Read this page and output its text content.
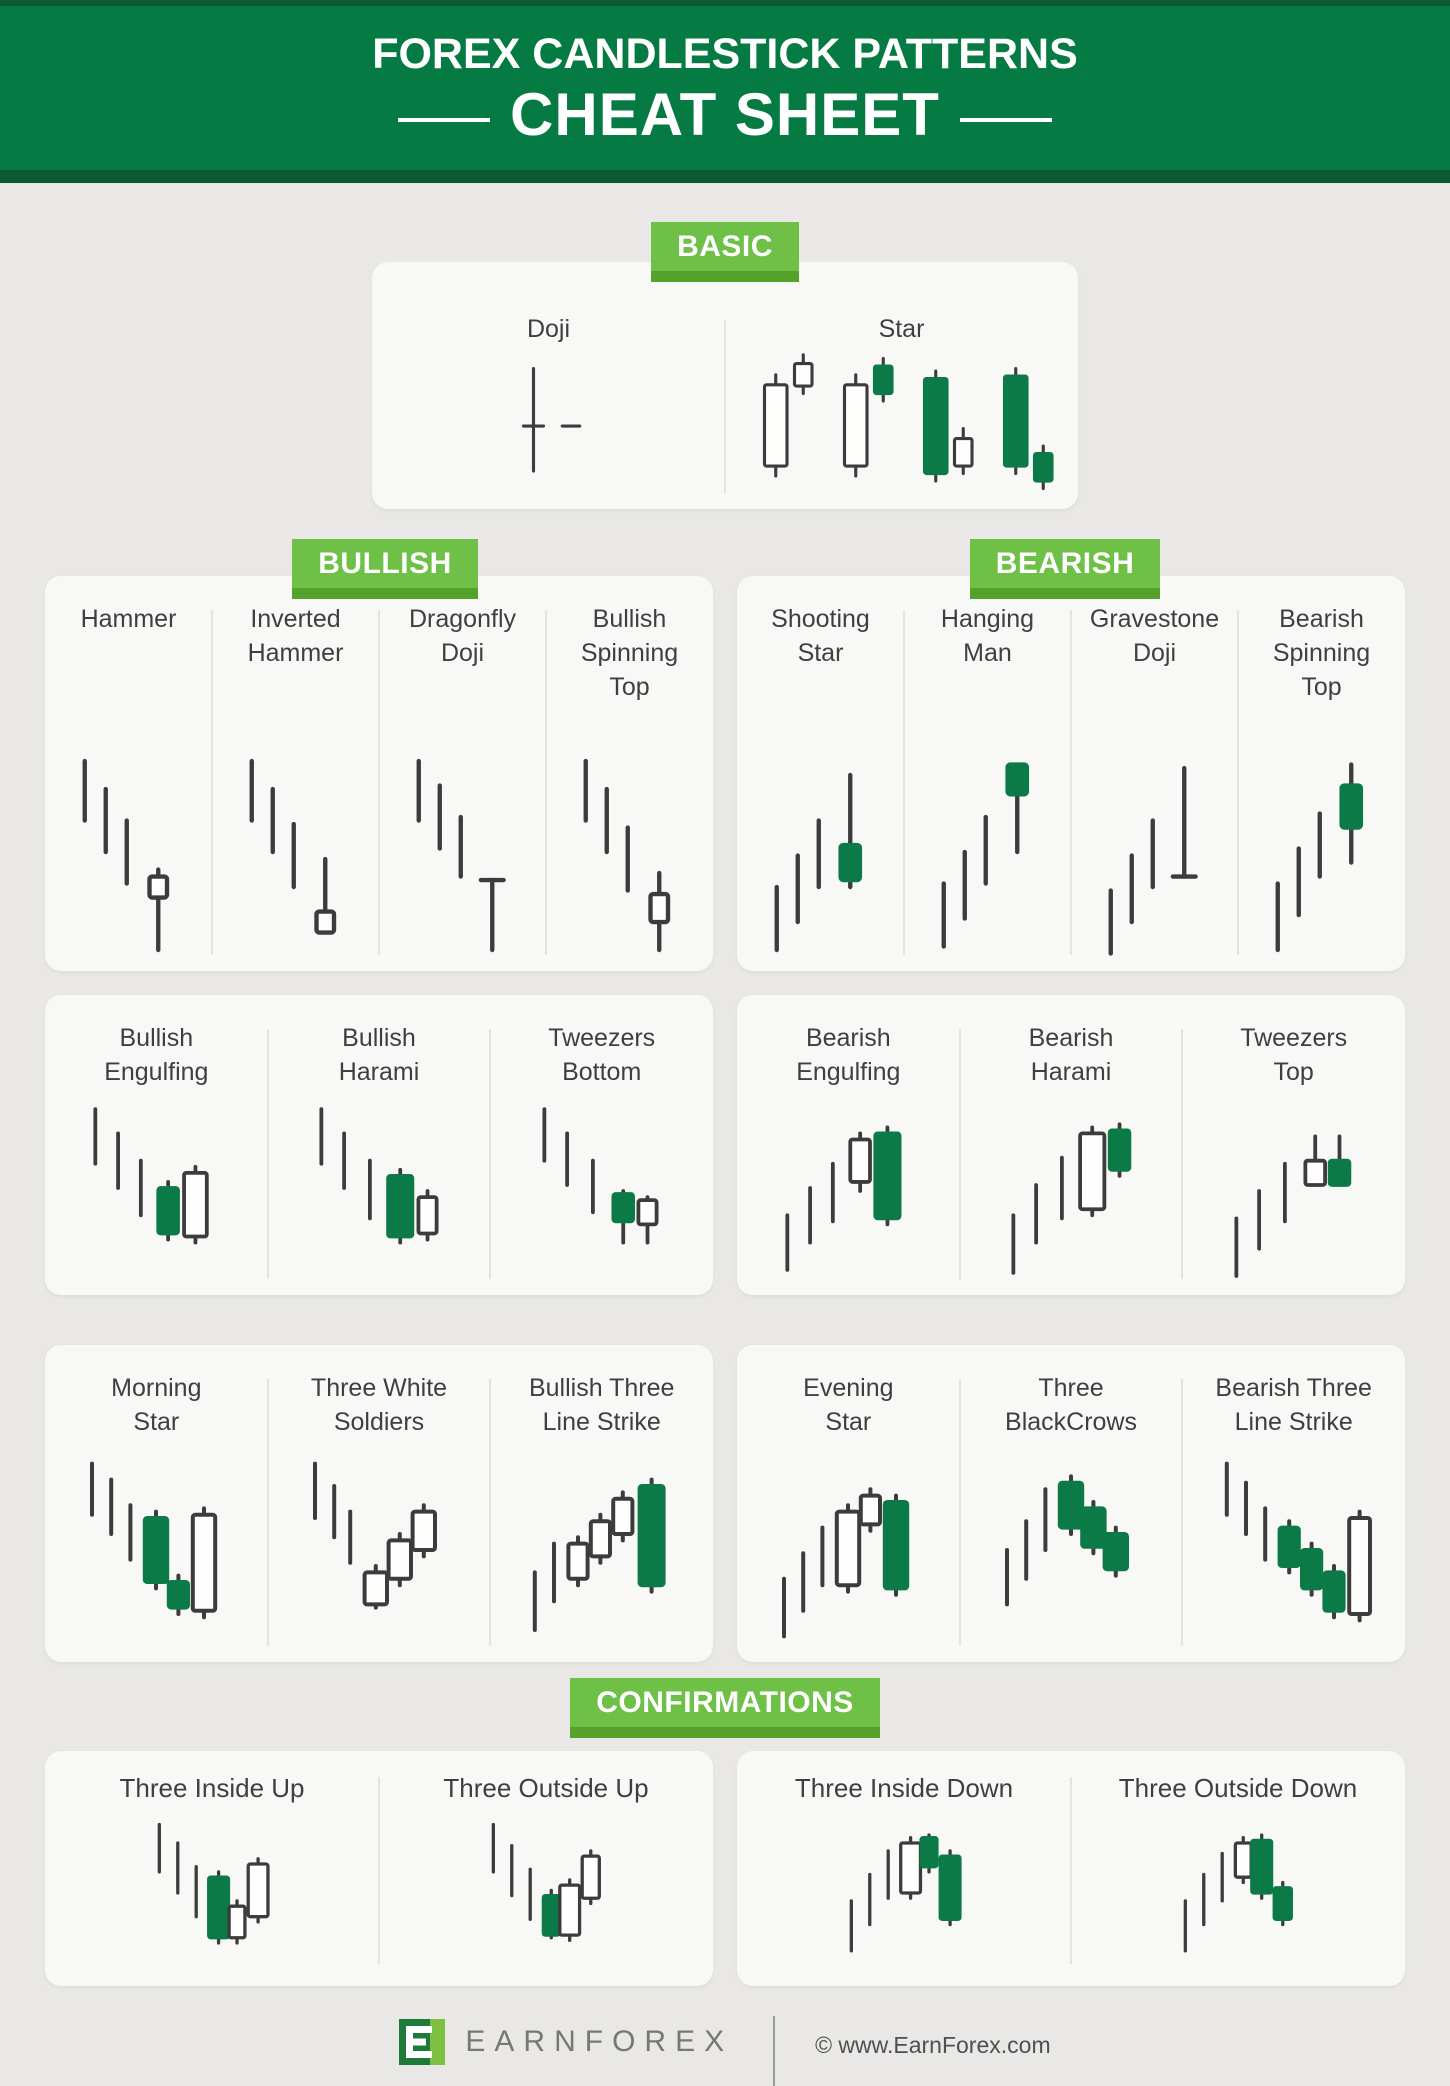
FOREX CANDLESTICK PATTERNS
CHEAT SHEET
BASIC
Doji	Star
BULLISH	BEARISH
Hammer	Inverted
Hammer
Dragonfly
Doji
Bullish
Spinning
Top
Shooting
Star
Hanging
Man
Gravestone
Doji
Bearish
Spinning
Top
Bullish
Engulfing
Bullish
Harami
Tweezers
Bottom
Bearish
Engulfing
Bearish
Harami
Tweezers
Top
Morning
Star
Three White
Soldiers
Bullish Three
Line Strike
Evening
Star
Three
BlackCrows
Bearish Three
Line Strike
CONFIRMATIONS
Three Inside Up	Three Outside Up	Three Inside Down	Three Outside Down
EARNFOREX	© www.EarnForex.com
